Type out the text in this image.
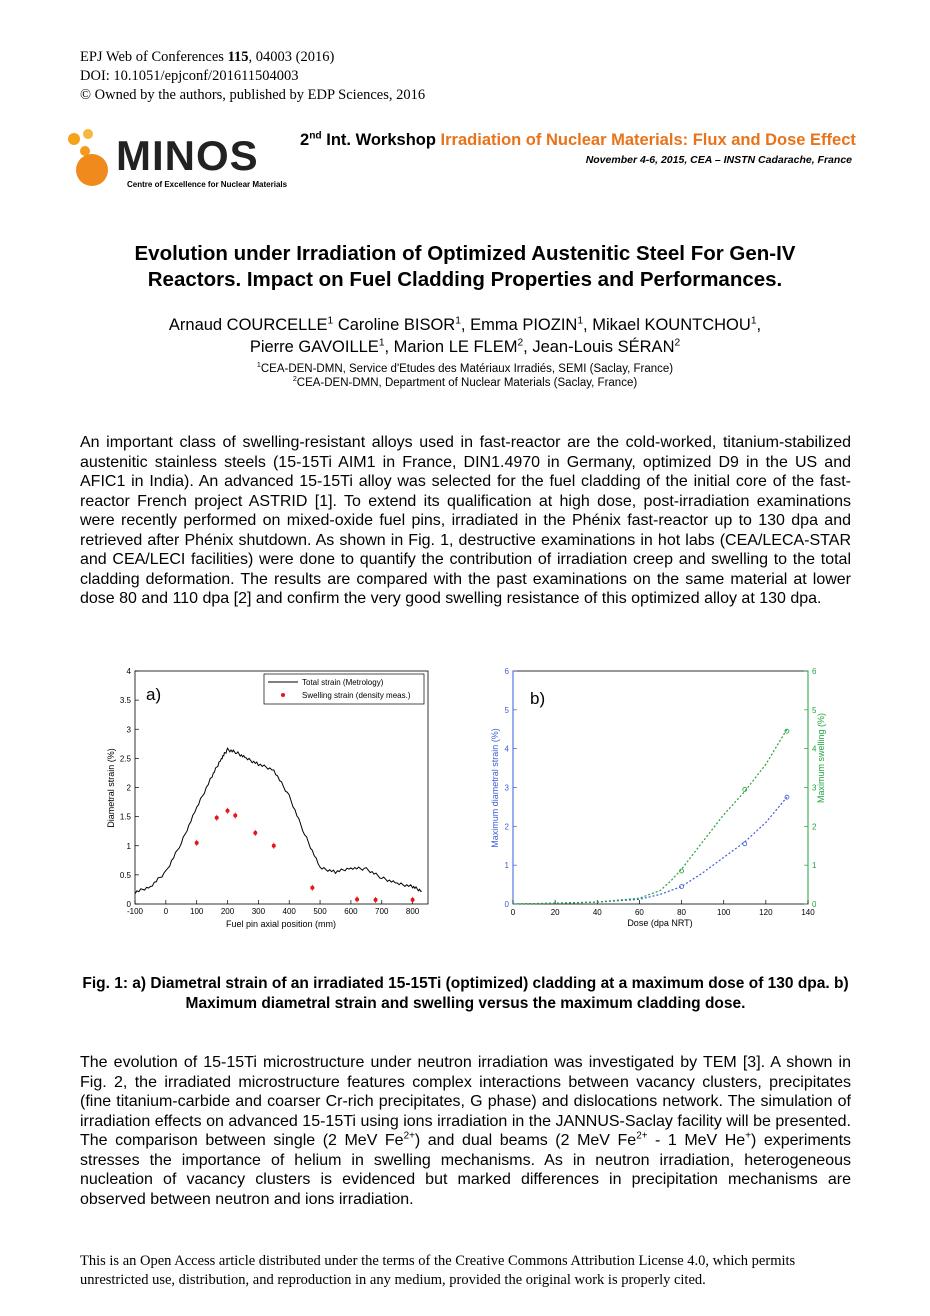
EPJ Web of Conferences 115, 04003 (2016)
DOI: 10.1051/epjconf/201611504003
© Owned by the authors, published by EDP Sciences, 2016
MINOS
Centre of Excellence for Nuclear Materials
2nd Int. Workshop Irradiation of Nuclear Materials: Flux and Dose Effect
November 4-6, 2015, CEA – INSTN Cadarache, France
Evolution under Irradiation of Optimized Austenitic Steel For Gen-IV
Reactors. Impact on Fuel Cladding Properties and Performances.
Arnaud COURCELLE$^1$ Caroline BISOR$^1$, Emma PIOZIN$^1$, Mikael KOUNTCHOU$^1$,
Pierre GAVOILLE$^1$, Marion LE FLEM$^2$, Jean-Louis SÉRAN$^2$
$^1$CEA-DEN-DMN, Service d'Etudes des Matériaux Irradiés, SEMI (Saclay, France)
$^2$CEA-DEN-DMN, Department of Nuclear Materials (Saclay, France)
An important class of swelling-resistant alloys used in fast-reactor are the cold-worked, titanium-stabilized austenitic stainless steels (15-15Ti AIM1 in France, DIN1.4970 in Germany, optimized D9 in the US and AFIC1 in India). An advanced 15-15Ti alloy was selected for the fuel cladding of the initial core of the fast-reactor French project ASTRID [1]. To extend its qualification at high dose, post-irradiation examinations were recently performed on mixed-oxide fuel pins, irradiated in the Phénix fast-reactor up to 130 dpa and retrieved after Phénix shutdown. As shown in Fig. 1, destructive examinations in hot labs (CEA/LECA-STAR and CEA/LECI facilities) were done to quantify the contribution of irradiation creep and swelling to the total cladding deformation. The results are compared with the past examinations on the same material at lower dose 80 and 110 dpa [2] and confirm the very good swelling resistance of this optimized alloy at 130 dpa.
0
0.5
1
1.5
2
2.5
3
3.5
4
-100	0	100 200 300 400 500 600 700 800
a)
Total strain (Metrology)
Swelling strain (density meas.)
Fuel pin axial position (mm)
Diametral strain (%)
0
1
2
3
4
5
6
0
1
2
3
4
5
6
0	20	40	60	80	100	120	140
b)
Dose (dpa NRT)
Maximum diametral strain (%)	Maximum swelling (%)
Fig. 1: a) Diametral strain of an irradiated 15-15Ti (optimized) cladding at a maximum dose of 130 dpa. b) Maximum diametral strain and swelling versus the maximum cladding dose.
The evolution of 15-15Ti microstructure under neutron irradiation was investigated by TEM [3]. A shown in Fig. 2, the irradiated microstructure features complex interactions between vacancy clusters, precipitates (fine titanium-carbide and coarser Cr-rich precipitates, G phase) and dislocations network. The simulation of irradiation effects on advanced 15-15Ti using ions irradiation in the JANNUS-Saclay facility will be presented. The comparison between single (2 MeV $Fe^{2+}$) and dual beams (2 MeV $Fe^{2+} - 1$ MeV He+) experiments stresses the importance of helium in swelling mechanisms. As in neutron irradiation, heterogeneous nucleation of vacancy clusters is evidenced but marked differences in precipitation mechanisms are observed between neutron and ions irradiation.
This is an Open Access article distributed under the terms of the Creative Commons Attribution License 4.0, which permits unrestricted use, distribution, and reproduction in any medium, provided the original work is properly cited.
